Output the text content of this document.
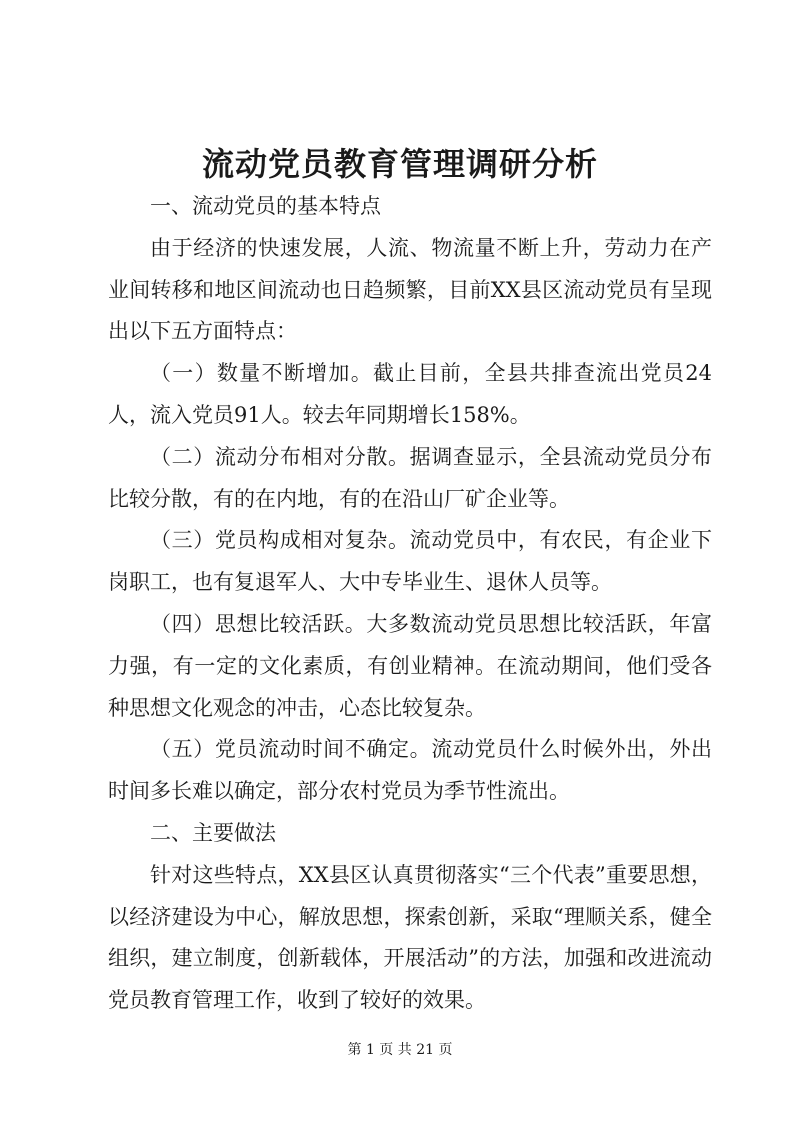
流动党员教育管理调研分析

一、流动党员的基本特点

由于经济的快速发展，人流、物流量不断上升，劳动力在产业间转移和地区间流动也日趋频繁，目前XX县区流动党员有呈现出以下五方面特点：

（一）数量不断增加。截止目前，全县共排查流出党员24人，流入党员91人。较去年同期增长158%。

（二）流动分布相对分散。据调查显示，全县流动党员分布比较分散，有的在内地，有的在沿山厂矿企业等。

（三）党员构成相对复杂。流动党员中，有农民，有企业下岗职工，也有复退军人、大中专毕业生、退休人员等。

（四）思想比较活跃。大多数流动党员思想比较活跃，年富力强，有一定的文化素质，有创业精神。在流动期间，他们受各种思想文化观念的冲击，心态比较复杂。

（五）党员流动时间不确定。流动党员什么时候外出，外出时间多长难以确定，部分农村党员为季节性流出。

二、主要做法

针对这些特点，XX县区认真贯彻落实“三个代表”重要思想，以经济建设为中心，解放思想，探索创新，采取“理顺关系，健全组织，建立制度，创新载体，开展活动”的方法，加强和改进流动党员教育管理工作，收到了较好的效果。

第 1 页 共 21 页
